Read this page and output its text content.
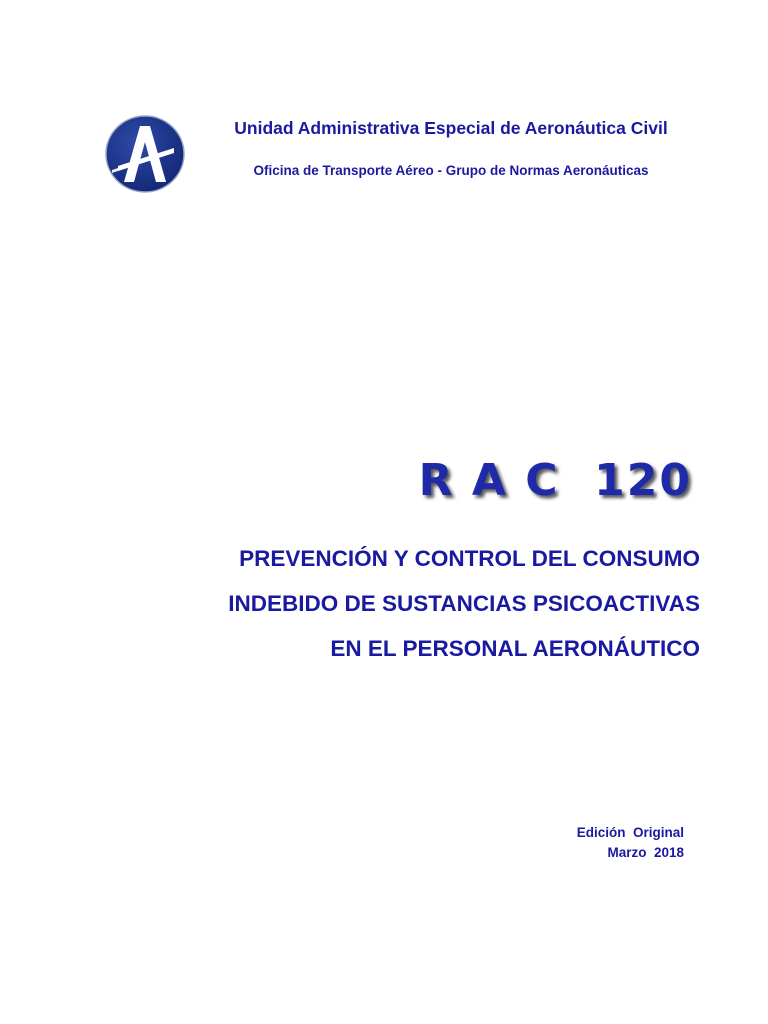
Unidad Administrativa Especial de Aeronáutica Civil
Oficina de Transporte Aéreo - Grupo de Normas Aeronáuticas
R A C  120
PREVENCIÓN Y CONTROL DEL CONSUMO
INDEBIDO DE SUSTANCIAS PSICOACTIVAS
EN EL PERSONAL AERONÁUTICO
Edición  Original
Marzo  2018
